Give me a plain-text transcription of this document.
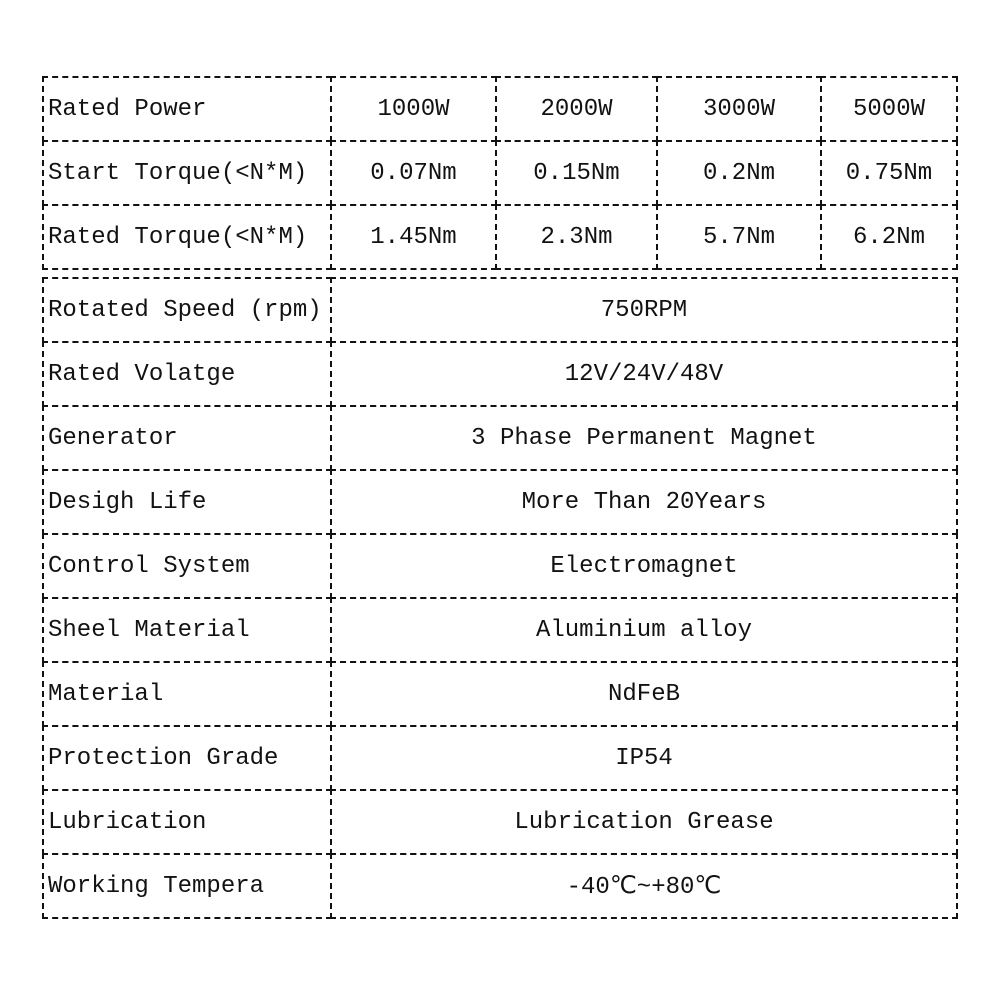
Rated Power	1000W	2000W	3000W	5000W
Start Torque(<N*M)	0.07Nm	0.15Nm	0.2Nm	0.75Nm
Rated Torque(<N*M)	1.45Nm	2.3Nm	5.7Nm	6.2Nm
Rotated Speed (rpm)	750RPM
Rated Volatge	12V/24V/48V
Generator	3 Phase Permanent Magnet
Desigh Life	More Than 20Years
Control System	Electromagnet
Sheel Material	Aluminium alloy
Material	NdFeB
Protection Grade	IP54
Lubrication	Lubrication Grease
Working Tempera	-40℃~+80℃
